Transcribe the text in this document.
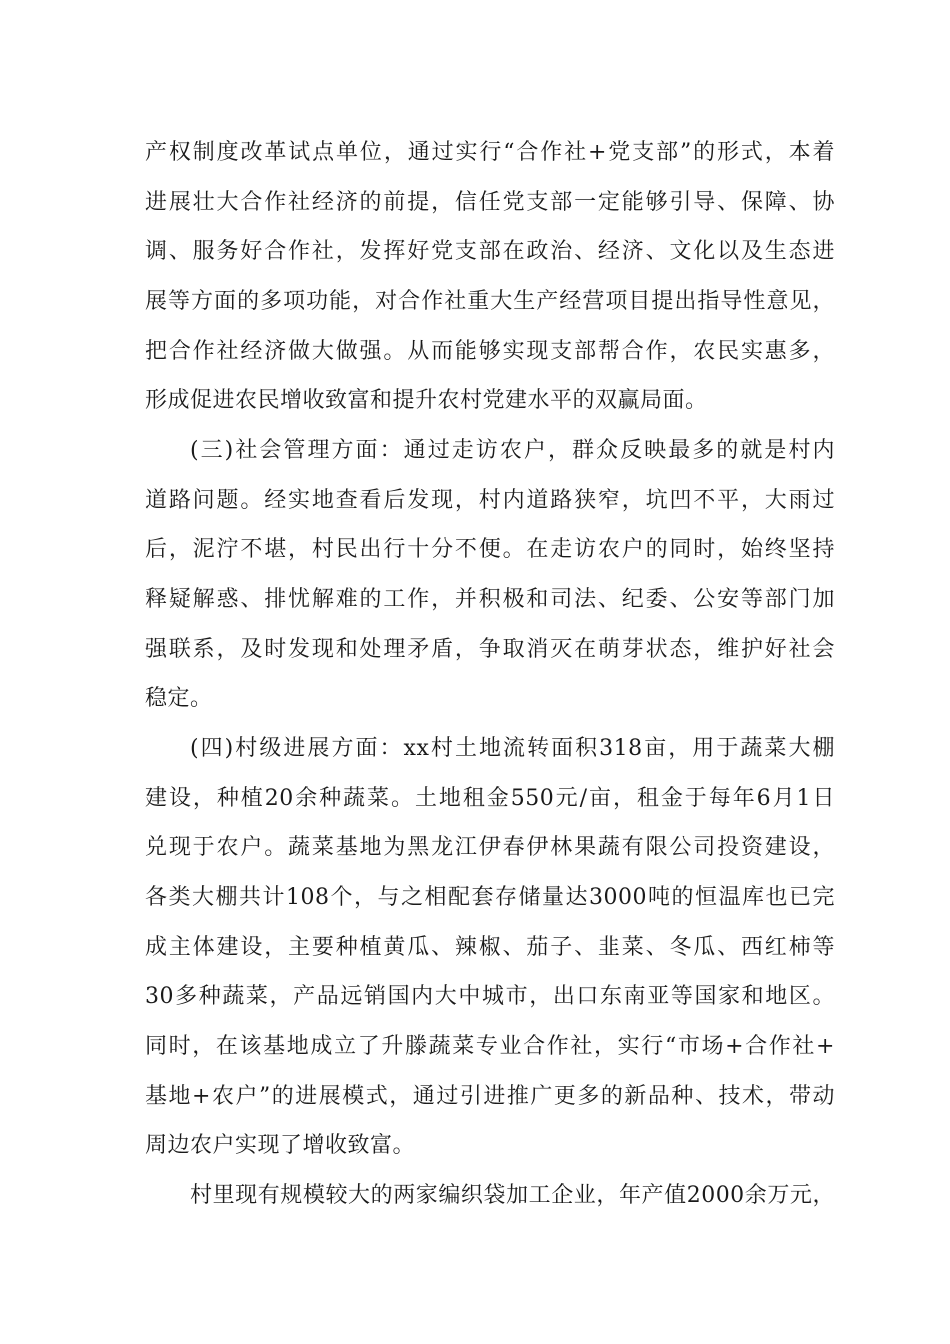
产权制度改革试点单位，通过实行“合作社+党支部”的形式，本着
进展壮大合作社经济的前提，信任党支部一定能够引导、保障、协
调、服务好合作社，发挥好党支部在政治、经济、文化以及生态进
展等方面的多项功能，对合作社重大生产经营项目提出指导性意见，
把合作社经济做大做强。从而能够实现支部帮合作，农民实惠多，
形成促进农民增收致富和提升农村党建水平的双赢局面。
(三)社会管理方面：通过走访农户，群众反映最多的就是村内
道路问题。经实地查看后发现，村内道路狭窄，坑凹不平，大雨过
后，泥泞不堪，村民出行十分不便。在走访农户的同时，始终坚持
释疑解惑、排忧解难的工作，并积极和司法、纪委、公安等部门加
强联系，及时发现和处理矛盾，争取消灭在萌芽状态，维护好社会
稳定。
(四)村级进展方面：xx村土地流转面积318亩，用于蔬菜大棚
建设，种植20余种蔬菜。土地租金550元/亩，租金于每年6月1日
兑现于农户。蔬菜基地为黑龙江伊春伊林果蔬有限公司投资建设，
各类大棚共计108个，与之相配套存储量达3000吨的恒温库也已完
成主体建设，主要种植黄瓜、辣椒、茄子、韭菜、冬瓜、西红柿等
30多种蔬菜，产品远销国内大中城市，出口东南亚等国家和地区。
同时，在该基地成立了升滕蔬菜专业合作社，实行“市场+合作社+
基地+农户”的进展模式，通过引进推广更多的新品种、技术，带动
周边农户实现了增收致富。
村里现有规模较大的两家编织袋加工企业，年产值2000余万元，
